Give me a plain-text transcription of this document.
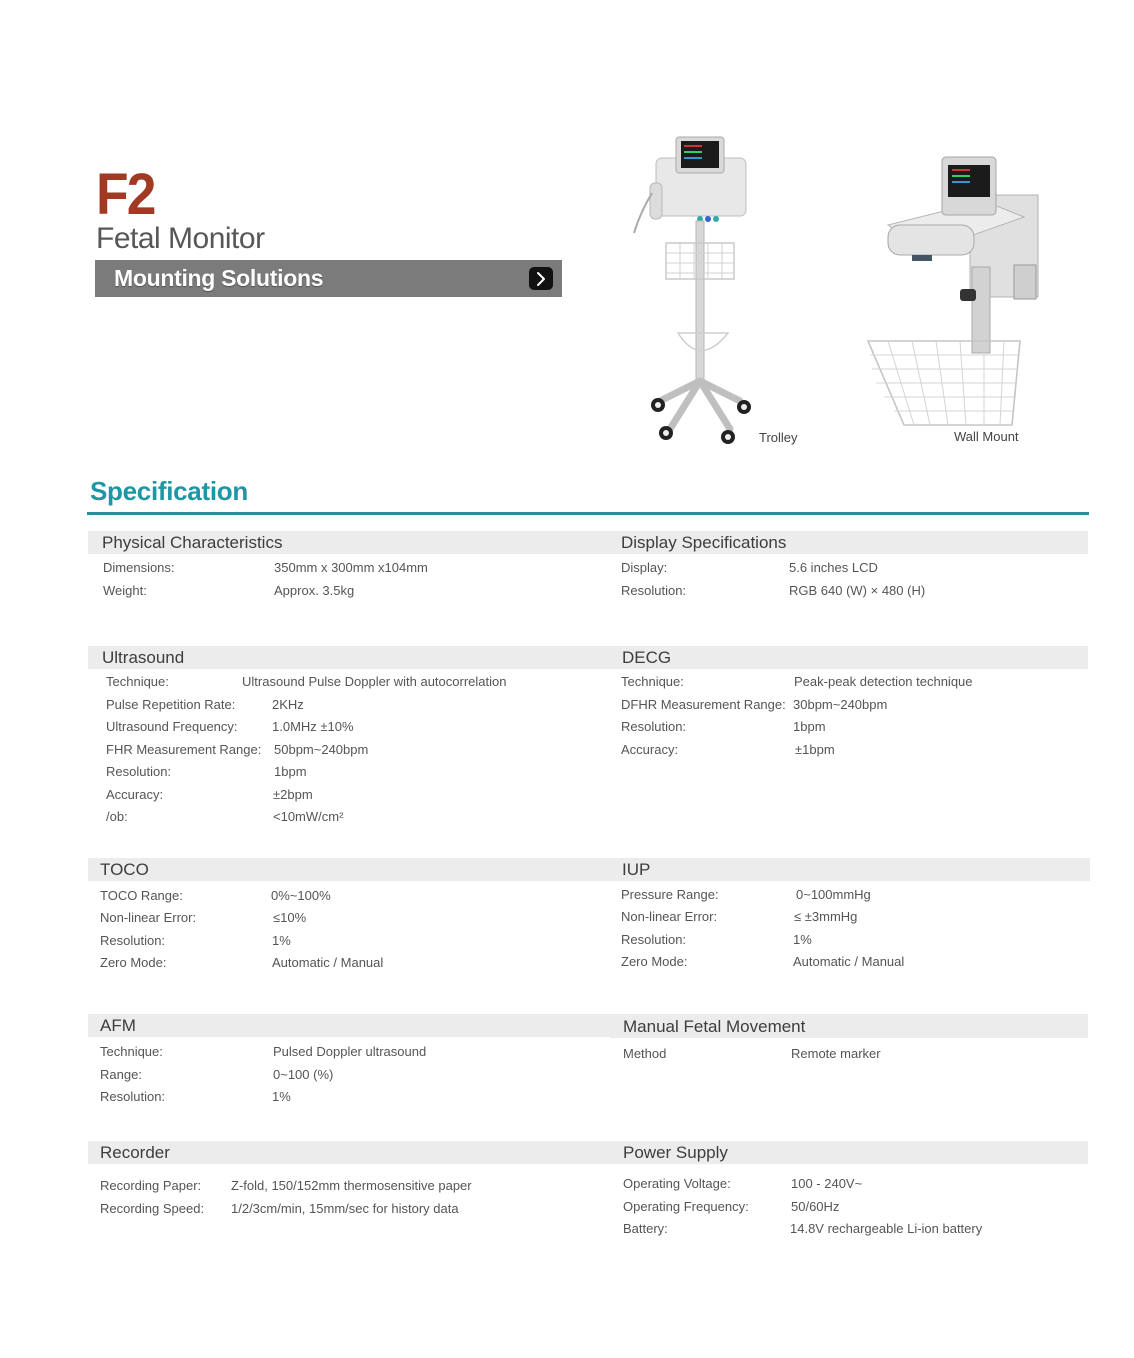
F2
Fetal Monitor
Mounting Solutions
Trolley	Wall Mount
Specification
Physical Characteristics
Dimensions:	350mm x 300mm x104mm
Weight:	Approx. 3.5kg
Display Specifications
Display:	5.6 inches LCD
Resolution:	RGB 640 (W) × 480 (H)
Ultrasound	DECG
Technique:	Ultrasound Pulse Doppler with autocorrelation
Pulse Repetition Rate:	2KHz
Ultrasound Frequency:	1.0MHz ±10%
FHR Measurement Range: 50bpm~240bpm
Resolution:	1bpm
Accuracy:	±2bpm
/ob:	<10mW/cm²
Technique:	Peak-peak detection technique
DFHR Measurement Range: 30bpm~240bpm
Resolution:	1bpm
Accuracy:	±1bpm
TOCO	IUP
TOCO Range:	0%~100%
Non-linear Error:	≤10%
Resolution:	1%
Zero Mode:	Automatic / Manual
Pressure Range:	0~100mmHg
Non-linear Error:	≤ ±3mmHg
Resolution:	1%
Zero Mode:	Automatic / Manual
AFM	Manual Fetal Movement
Technique:	Pulsed Doppler ultrasound
Range:	0~100 (%)
Resolution:	1%
Method	Remote marker
Recorder	Power Supply
Recording Paper: Z-fold, 150/152mm thermosensitive paper
Recording Speed: 1/2/3cm/min, 15mm/sec for history data
Operating Voltage:	100 - 240V~
Operating Frequency:	50/60Hz
Battery:	14.8V rechargeable Li-ion battery
